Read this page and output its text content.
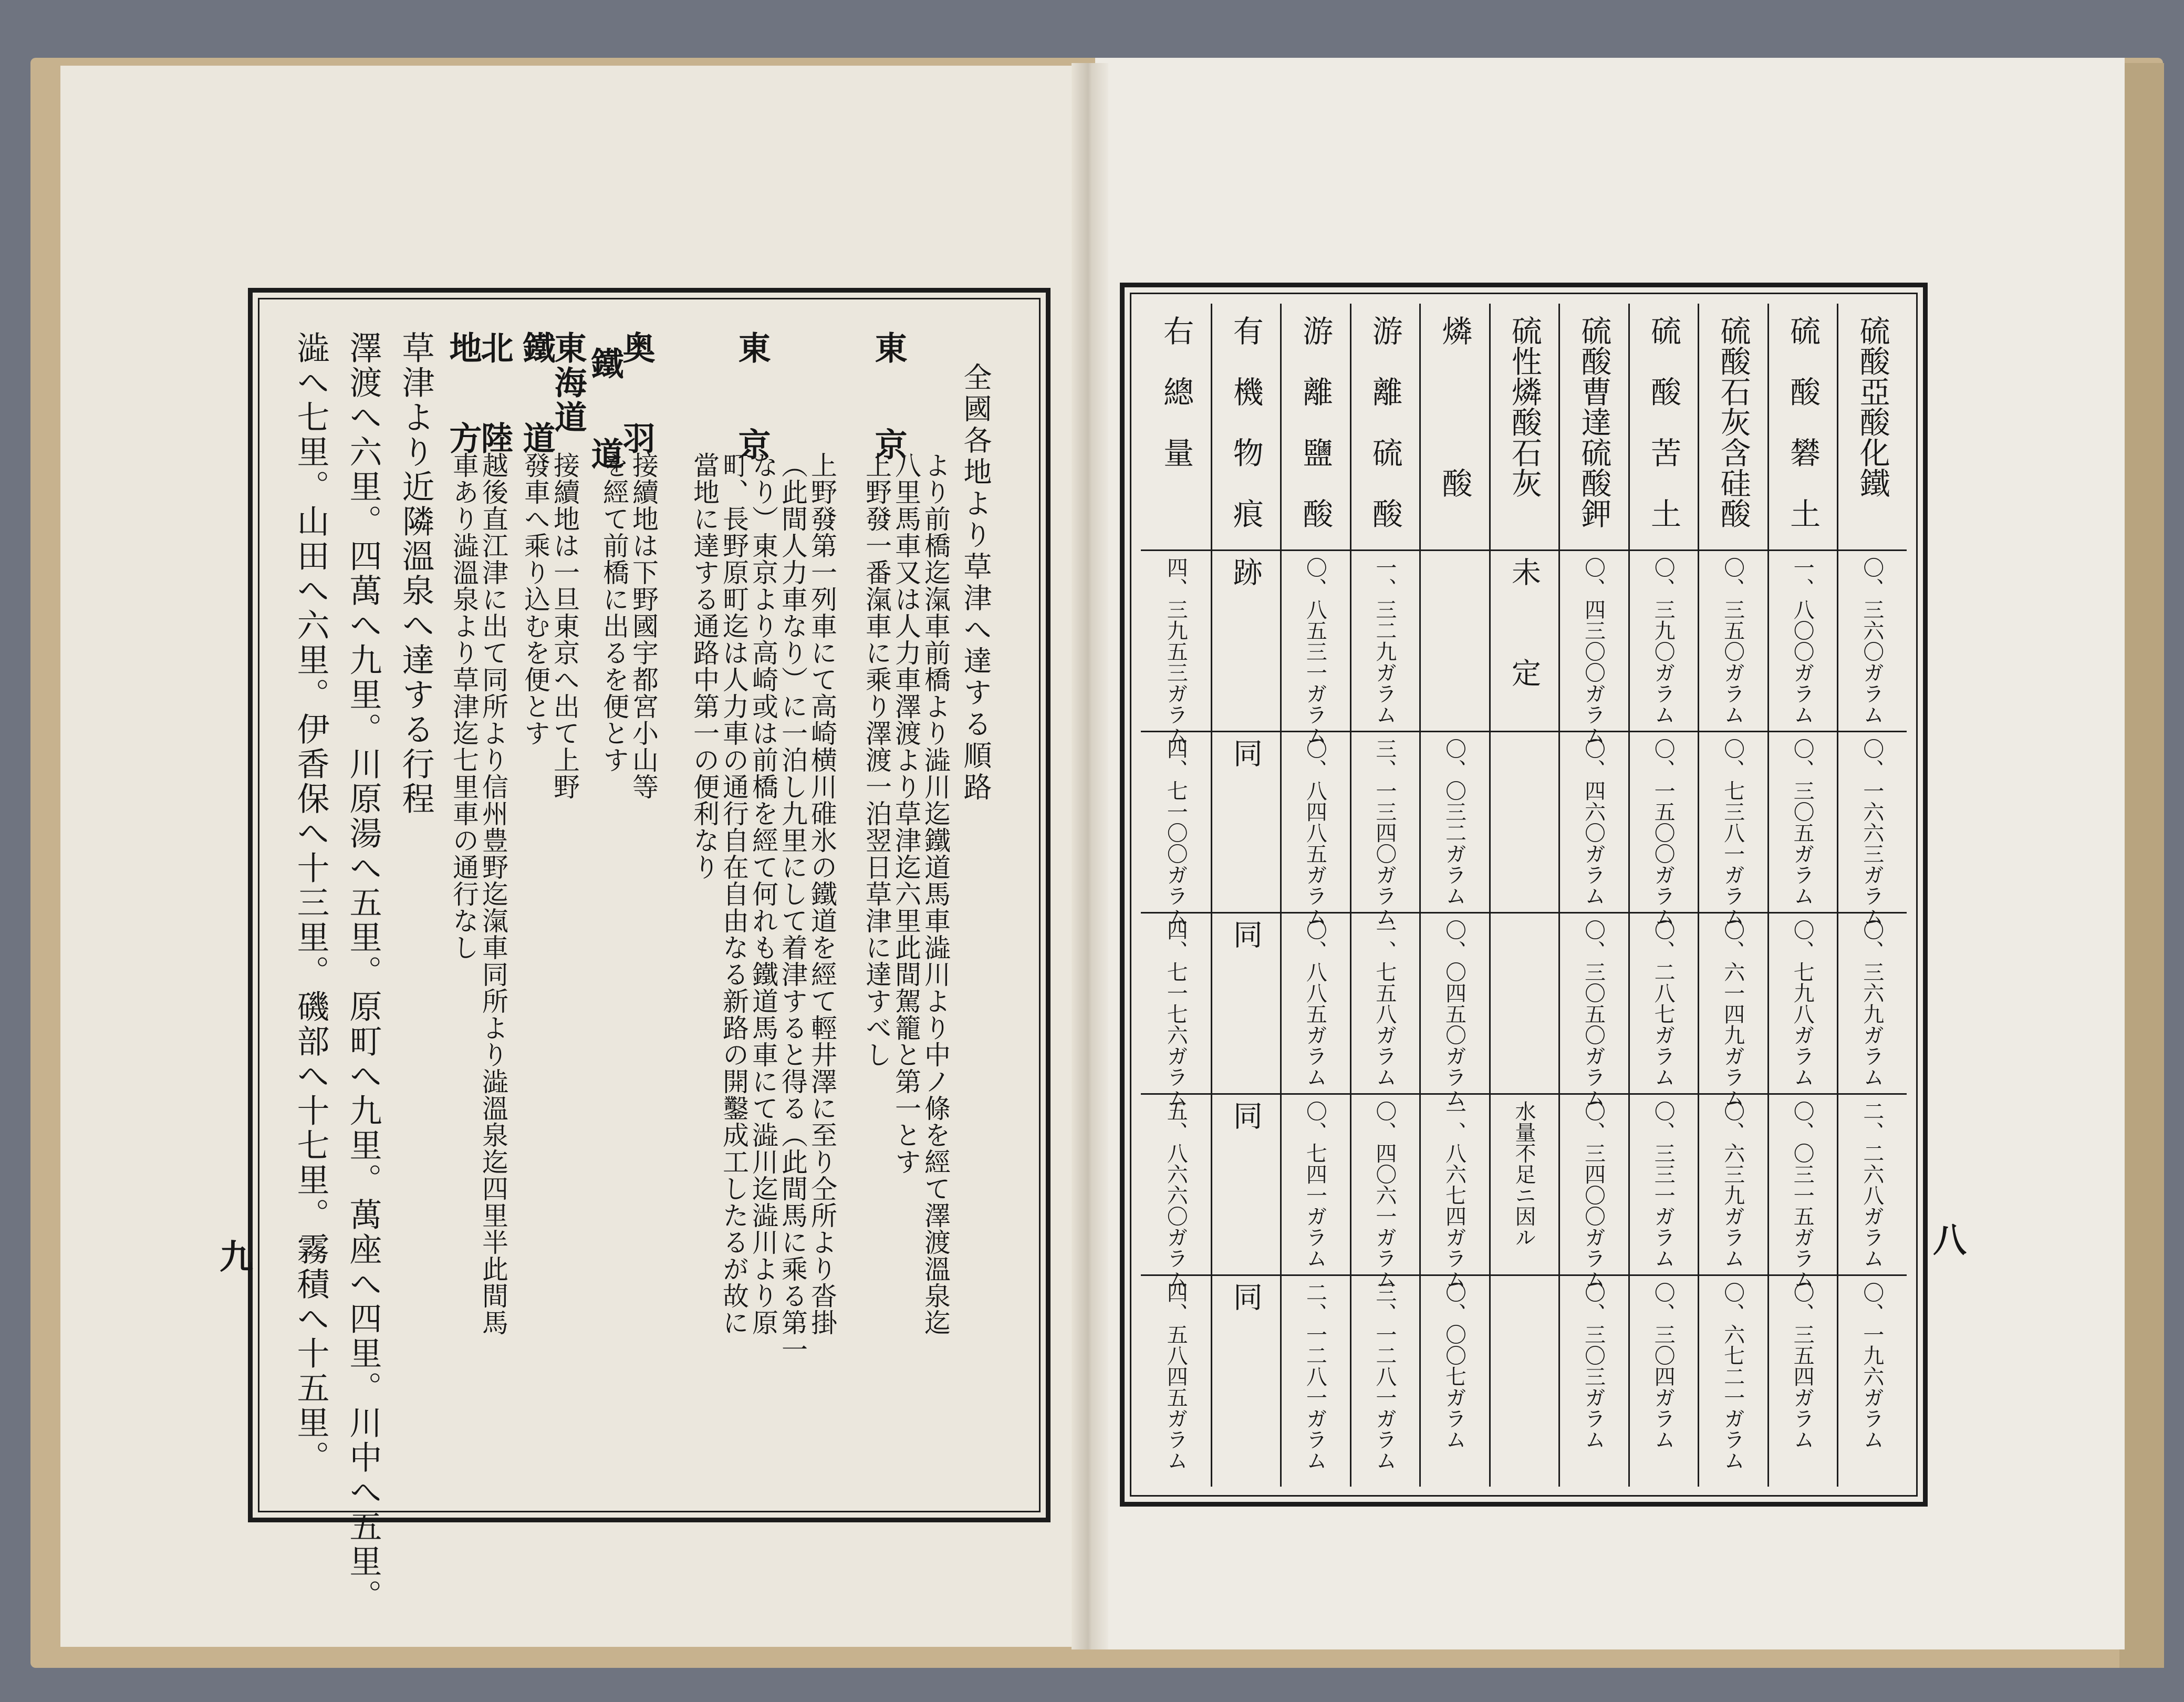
全國各地より草津へ達する順路
東　京
より前橋迄滊車前橋より澁川迄鐵道馬車澁川より中ノ條を經て澤渡溫泉迄
八里馬車又は人力車澤渡より草津迄六里此間駕籠と第一とす
上野發一番滊車に乘り澤渡一泊翌日草津に達すべし
東　京
上野發第一列車にて高崎横川碓氷の鐵道を經て輕井澤に至り仝所より沓掛
（此間人力車なり）に一泊し九里にして着津すると得る（此間馬に乘る第一
なり）東京より高崎或は前橋を經て何れも鐵道馬車にて澁川迄澁川より原
町、長野原町迄は人力車の通行自在自由なる新路の開鑿成工したるが故に
當地に達する通路中第一の便利なり
奥　羽
鐵　道
接續地は下野國宇都宮小山等
を經て前橋に出るを便とす
東海道
鐵　道
接續地は一旦東京へ出て上野
發車へ乘り込むを便とす
北　陸
地　方
越後直江津に出て同所より信州豊野迄滊車同所より澁溫泉迄四里半此間馬
車あり澁溫泉より草津迄七里車の通行なし
草津より近隣溫泉へ達する行程
澤渡へ六里。四萬へ九里。川原湯へ五里。原町へ九里。萬座へ四里。川中へ五里。
澁へ七里。山田へ六里。伊香保へ十三里。磯部へ十七里。霧積へ十五里。
九	八
硫酸亞酸化鐵
〇、三六〇ガラム
〇、一六六三ガラム
〇、三六九ガラム
二、二六八ガラム
〇、一九六ガラム
硫　酸　礬　土
一、八〇〇ガラム
〇、三〇五ガラム
〇、七九八ガラム
〇、〇三一五ガラム
〇、三五四ガラム
硫酸石灰含硅酸
〇、三五〇ガラム
〇、七三八一ガラム
〇、六一四九ガラム
〇、六三九ガラム
〇、六七二一ガラム
硫　酸　苦　土
〇、三九〇ガラム
〇、一五〇〇ガラム
〇、二八七ガラム
〇、三三一ガラム
〇、三〇四ガラム
硫酸曹達硫酸鉀
〇、四三〇〇ガラム
〇、四六〇ガラム
〇、三〇五〇ガラム
〇、三四〇〇ガラム
〇、三〇三ガラム
硫性燐酸石灰
未　定
水量不足ニ因ル
燐　　　　酸
〇、〇三二ガラム
〇、〇四五〇ガラム
一、八六七四ガラム
〇、〇〇七ガラム
游　離　硫　酸
一、三二九ガラム
三、一三四〇ガラム
一、七五八ガラム
〇、四〇六一ガラム
三、一二八一ガラム
游　離　鹽　酸
〇、八五三一ガラム
〇、八四八五ガラム
〇、八八五ガラム
〇、七四一ガラム
二、一二八一ガラム
有　機　物　痕
跡
同
同
同
同
右　總　量
四、三九五三ガラム
四、七一〇〇ガラム
四、七一七六ガラム
五、八六六〇ガラム
四、五八四五ガラム
